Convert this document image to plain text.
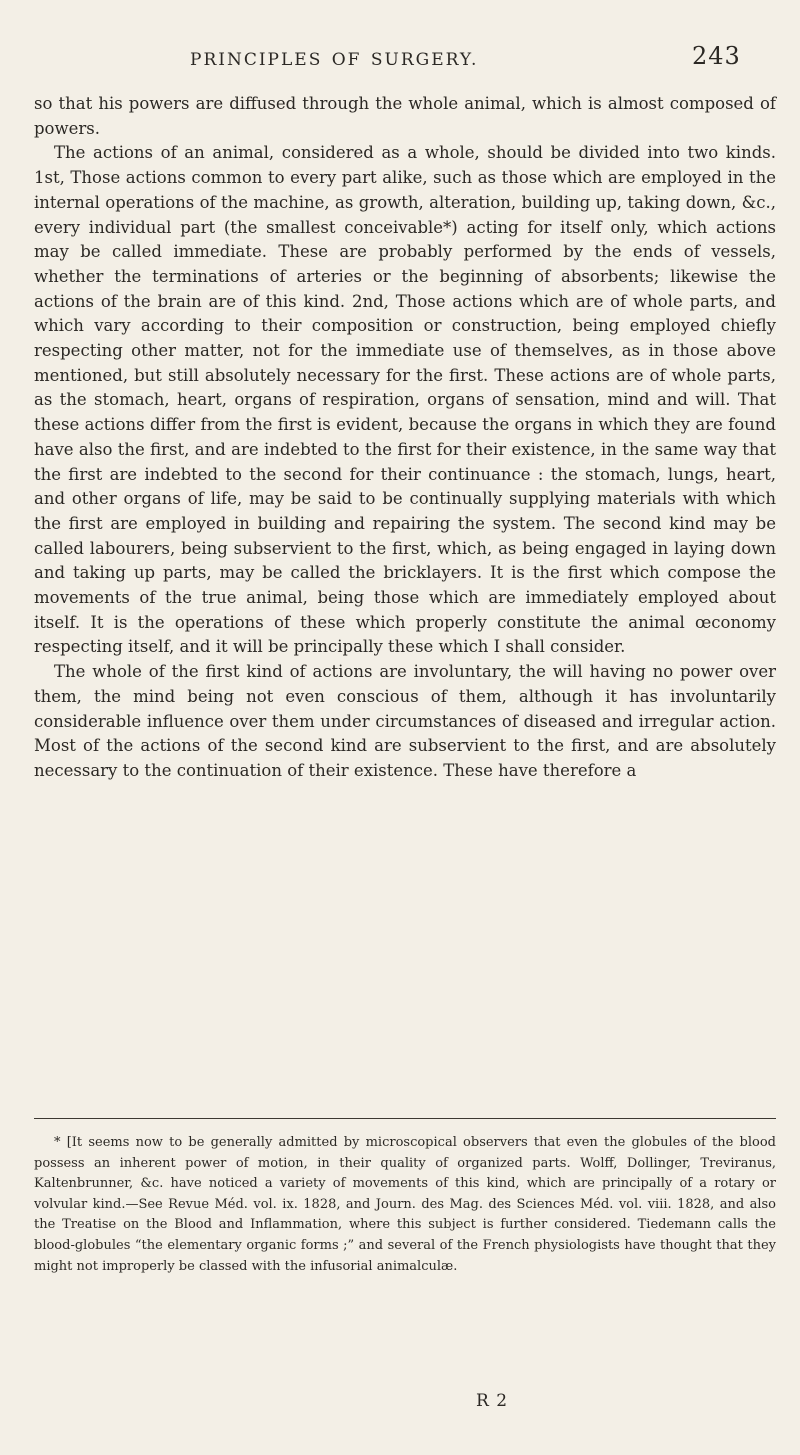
PRINCIPLES OF SURGERY.	243

so that his powers are diffused through the whole animal, which is almost composed of powers.

The actions of an animal, considered as a whole, should be divided into two kinds. 1st, Those actions common to every part alike, such as those which are employed in the internal operations of the machine, as growth, alteration, building up, taking down, &c., every individual part (the smallest conceivable*) acting for itself only, which actions may be called immediate. These are probably performed by the ends of vessels, whether the terminations of arteries or the beginning of absorbents; likewise the actions of the brain are of this kind. 2nd, Those actions which are of whole parts, and which vary according to their composition or construction, being employed chiefly respecting other matter, not for the immediate use of themselves, as in those above mentioned, but still absolutely necessary for the first. These actions are of whole parts, as the stomach, heart, organs of respiration, organs of sensation, mind and will. That these actions differ from the first is evident, because the organs in which they are found have also the first, and are indebted to the first for their existence, in the same way that the first are indebted to the second for their continuance : the stomach, lungs, heart, and other organs of life, may be said to be continually supplying materials with which the first are employed in building and repairing the system. The second kind may be called labourers, being subservient to the first, which, as being engaged in laying down and taking up parts, may be called the bricklayers. It is the first which compose the movements of the true animal, being those which are immediately employed about itself. It is the operations of these which properly constitute the animal œconomy respecting itself, and it will be principally these which I shall consider.

The whole of the first kind of actions are involuntary, the will having no power over them, the mind being not even conscious of them, although it has involuntarily considerable influence over them under circumstances of diseased and irregular action. Most of the actions of the second kind are subservient to the first, and are absolutely necessary to the continuation of their existence. These have therefore a

* [It seems now to be generally admitted by microscopical observers that even the globules of the blood possess an inherent power of motion, in their quality of organized parts. Wolff, Dollinger, Treviranus, Kaltenbrunner, &c. have noticed a variety of movements of this kind, which are principally of a rotary or volvular kind.—See Revue Méd. vol. ix. 1828, and Journ. des Mag. des Sciences Méd. vol. viii. 1828, and also the Treatise on the Blood and Inflammation, where this subject is further considered. Tiedemann calls the blood-globules “the elementary organic forms ;” and several of the French physiologists have thought that they might not improperly be classed with the infusorial animalculæ.

R 2
